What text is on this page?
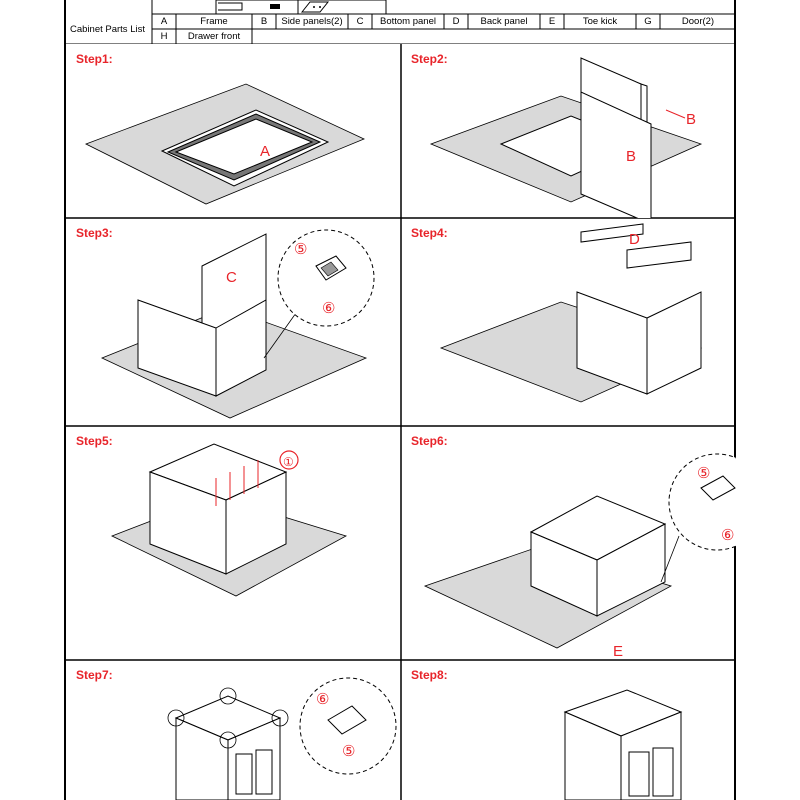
Cabinet Parts List
A	Frame	B	Side panels(2)	C	Bottom panel	D	Back panel	E	Toe kick	G	Door(2)
H	Drawer front
Step1:
A
Step2:
B
B
Step3:
C
⑤
⑥
Step4:	D
Step5:
①
Step6:
⑤
⑥
E
Step7:
⑥
⑤
Step8:
